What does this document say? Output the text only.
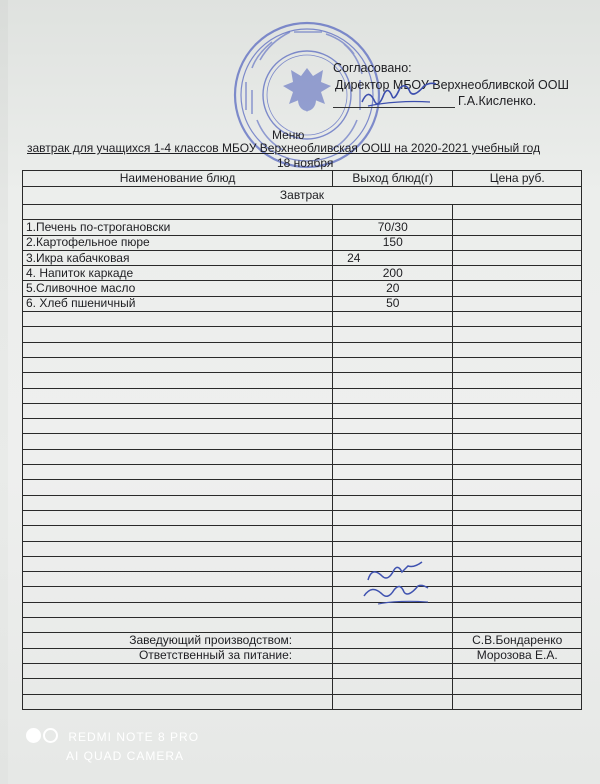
Согласовано:
Директор МБОУ Верхнеобливской ООШ
Г.А.Кисленко.
Меню
завтрак для учащихся 1-4 классов МБОУ Верхнеобливская ООШ на 2020-2021 учебный год
18 ноября
Наименование блюд	Выход блюд(г)	Цена руб.
Завтрак		

1.Печень по-строгановски	70/30	
2.Картофельное пюре	150	
3.Икра кабачковая	24	
4. Напиток каркаде	200	
5.Сливочное масло	20	
6. Хлеб пшеничный	50	

Заведующий производством:		С.В.Бондаренко
Ответственный за питание:		Морозова Е.А.

REDMI NOTE 8 PRO
AI QUAD CAMERA
